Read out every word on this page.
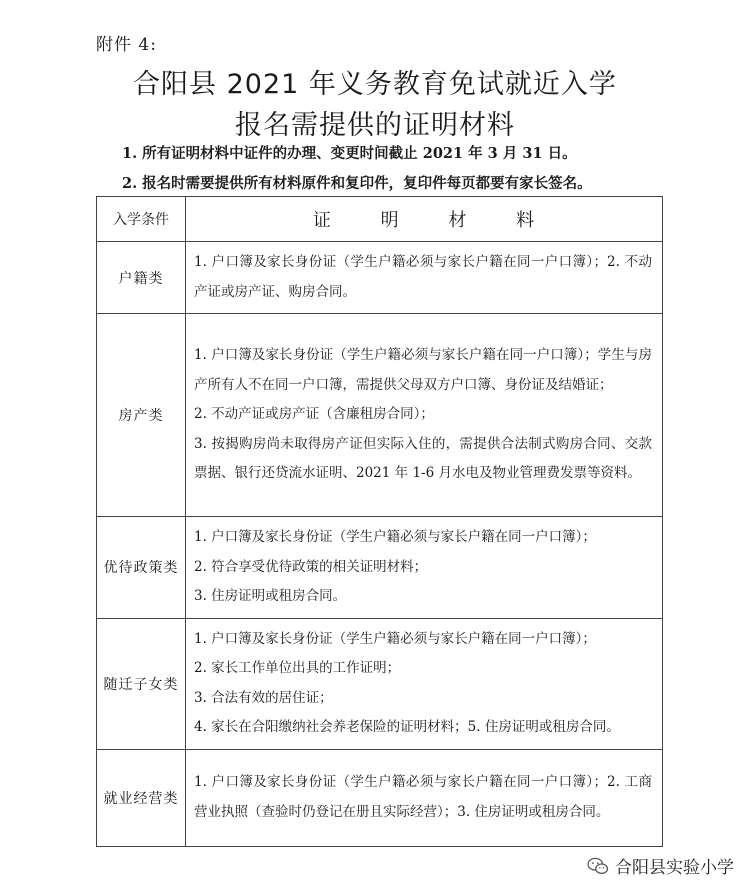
附件 4:
合阳县 2021 年义务教育免试就近入学
报名需提供的证明材料
1. 所有证明材料中证件的办理、变更时间截止 2021 年 3 月 31 日。
2. 报名时需要提供所有材料原件和复印件，复印件每页都要有家长签名。
入学条件	证 明 材 料
户籍类	1. 户口簿及家长身份证（学生户籍必须与家长户籍在同一户口簿）；2. 不动产证或房产证、购房合同。

房产类	1. 户口簿及家长身份证（学生户籍必须与家长户籍在同一户口簿）；学生与房产所有人不在同一户口簿，需提供父母双方户口簿、身份证及结婚证；
2. 不动产证或房产证（含廉租房合同）；
3. 按揭购房尚未取得房产证但实际入住的，需提供合法制式购房合同、交款票据、银行还贷流水证明、2021 年 1-6 月水电及物业管理费发票等资料。

优待政策类	1. 户口簿及家长身份证（学生户籍必须与家长户籍在同一户口簿）；
2. 符合享受优待政策的相关证明材料；
3. 住房证明或租房合同。

随迁子女类	1. 户口簿及家长身份证（学生户籍必须与家长户籍在同一户口簿）；
2. 家长工作单位出具的工作证明；
3. 合法有效的居住证；
4. 家长在合阳缴纳社会养老保险的证明材料；5. 住房证明或租房合同。

就业经营类	1. 户口簿及家长身份证（学生户籍必须与家长户籍在同一户口簿）；2. 工商营业执照（查验时仍登记在册且实际经营）；3. 住房证明或租房合同。
合阳县实验小学
